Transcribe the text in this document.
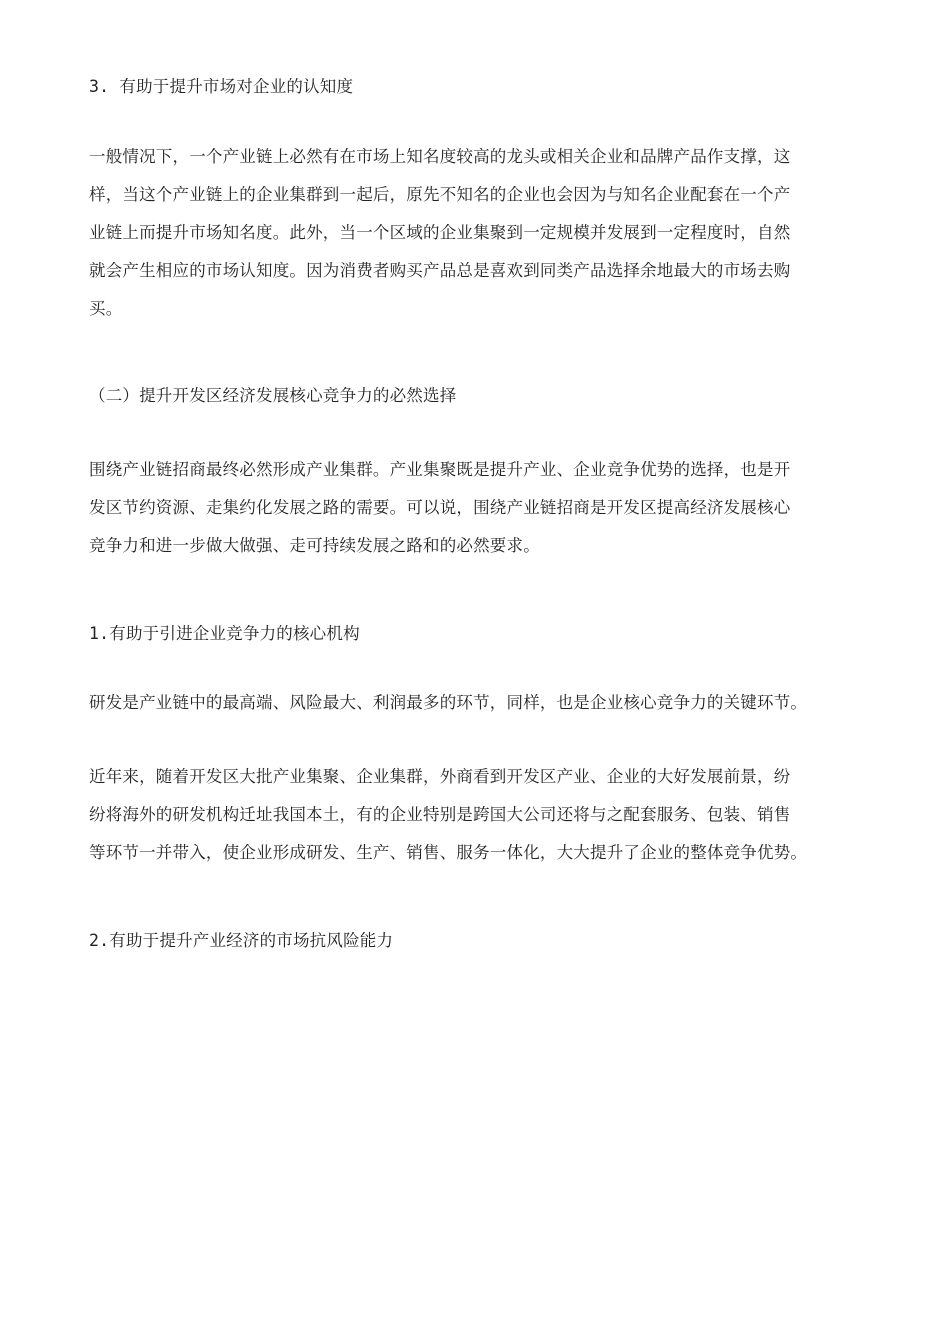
3. 有助于提升市场对企业的认知度
一般情况下，一个产业链上必然有在市场上知名度较高的龙头或相关企业和品牌产品作支撑，这
样，当这个产业链上的企业集群到一起后，原先不知名的企业也会因为与知名企业配套在一个产
业链上而提升市场知名度。此外，当一个区域的企业集聚到一定规模并发展到一定程度时，自然
就会产生相应的市场认知度。因为消费者购买产品总是喜欢到同类产品选择余地最大的市场去购
买。
（二）提升开发区经济发展核心竞争力的必然选择
围绕产业链招商最终必然形成产业集群。产业集聚既是提升产业、企业竞争优势的选择，也是开
发区节约资源、走集约化发展之路的需要。可以说，围绕产业链招商是开发区提高经济发展核心
竞争力和进一步做大做强、走可持续发展之路和的必然要求。
1.有助于引进企业竞争力的核心机构
研发是产业链中的最高端、风险最大、利润最多的环节，同样，也是企业核心竞争力的关键环节。
近年来，随着开发区大批产业集聚、企业集群，外商看到开发区产业、企业的大好发展前景，纷
纷将海外的研发机构迁址我国本土，有的企业特别是跨国大公司还将与之配套服务、包装、销售
等环节一并带入，使企业形成研发、生产、销售、服务一体化，大大提升了企业的整体竞争优势。
2.有助于提升产业经济的市场抗风险能力
